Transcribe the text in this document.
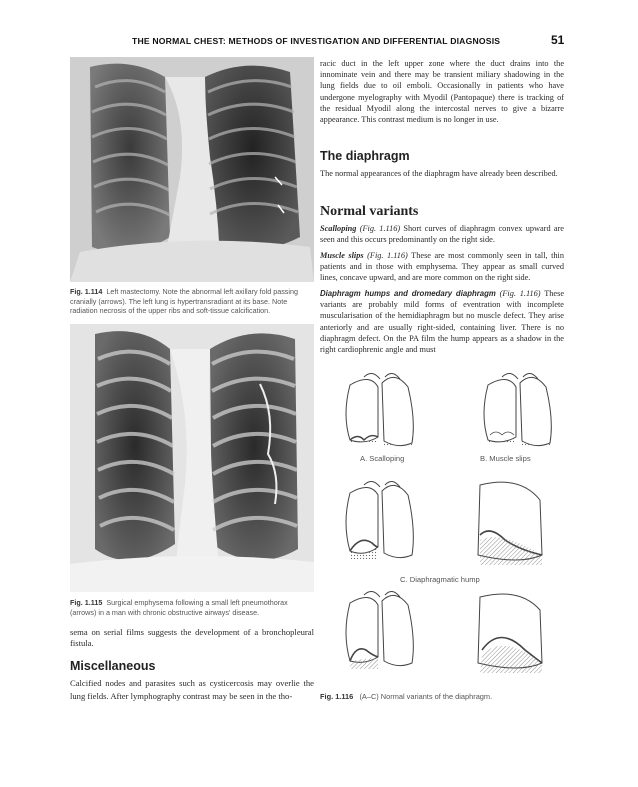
THE NORMAL CHEST: METHODS OF INVESTIGATION AND DIFFERENTIAL DIAGNOSIS	51
Fig. 1.114 Left mastectomy. Note the abnormal left axillary fold passing cranially (arrows). The left lung is hypertransradiant at its base. Note radiation necrosis of the upper ribs and soft-tissue calcification.
Fig. 1.115 Surgical emphysema following a small left pneumothorax (arrows) in a man with chronic obstructive airways' disease.
sema on serial films suggests the development of a bronchopleural fistula.
Miscellaneous
Calcified nodes and parasites such as cysticercosis may overlie the lung fields. After lymphography contrast may be seen in the tho-
racic duct in the left upper zone where the duct drains into the innominate vein and there may be transient miliary shadowing in the lung fields due to oil emboli. Occasionally in patients who have undergone myelography with Myodil (Pantopaque) there is tracking of the residual Myodil along the intercostal nerves to give a bizarre appearance. This contrast medium is no longer in use.
The diaphragm
The normal appearances of the diaphragm have already been described.
Normal variants
Scalloping (Fig. 1.116) Short curves of diaphragm convex upward are seen and this occurs predominantly on the right side.
Muscle slips (Fig. 1.116) These are most commonly seen in tall, thin patients and in those with emphysema. They appear as small curved lines, concave upward, and are more common on the right side.
Diaphragm humps and dromedary diaphragm (Fig. 1.116) These variants are probably mild forms of eventration with incomplete muscularisation of the hemidiaphragm but no muscle defect. They arise anteriorly and are usually right-sided, containing liver. There is no diaphragm defect. On the PA film the hump appears as a shadow in the right cardiophrenic angle and must
A. Scalloping	B. Muscle slips
C. Diaphragmatic hump
Fig. 1.116 (A–C) Normal variants of the diaphragm.
